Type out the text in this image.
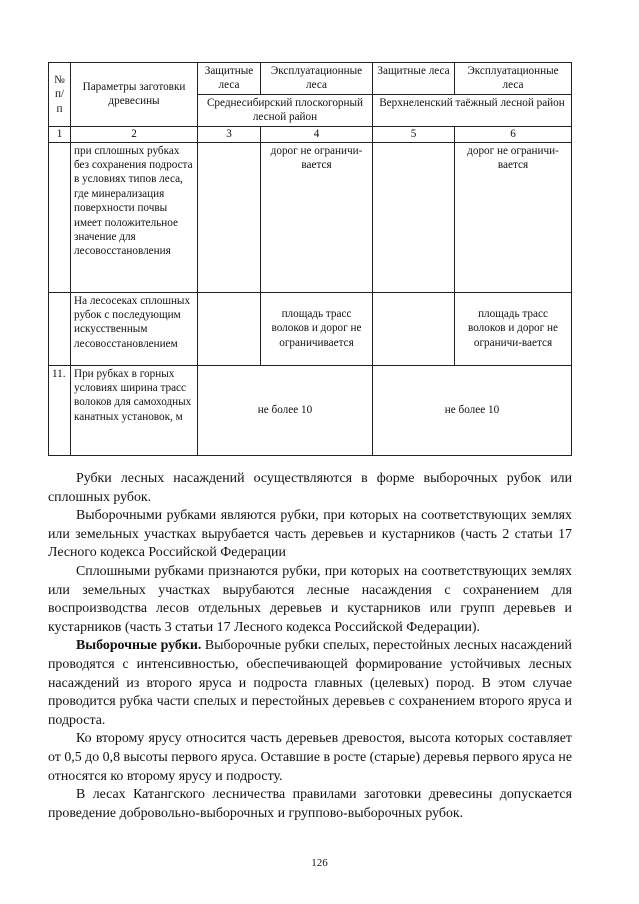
№
п/
п	Параметры заготовки древесины	Защитные леса	Эксплуатационные леса	Защитные леса	Эксплуатационные леса
		Среднесибирский плоскогорный лесной район		Верхнеленский таёжный лесной район	
1	2	3	4	5	6
	при сплошных рубках без сохранения подроста в условиях типов леса, где минерализация поверхности почвы имеет положительное значение для лесовосстановления		дорог не ограничи-вается		дорог не ограничи-вается
	На лесосеках сплошных рубок с последующим искусственным лесовосстановлением		площадь трасс волоков и дорог не ограничивается		площадь трасс волоков и дорог не ограничи-вается
11.	При рубках в горных условиях ширина трасс волоков для самоходных канатных установок, м	не более 10		не более 10	

Рубки лесных насаждений осуществляются в форме выборочных рубок или сплошных рубок.

Выборочными рубками являются рубки, при которых на соответствующих землях или земельных участках вырубается часть деревьев и кустарников (часть 2 статьи 17 Лесного кодекса Российской Федерации

Сплошными рубками признаются рубки, при которых на соответствующих землях или земельных участках вырубаются лесные насаждения с сохранением для воспроизводства лесов отдельных деревьев и кустарников или групп деревьев и кустарников (часть 3 статьи 17 Лесного кодекса Российской Федерации).

Выборочные рубки. Выборочные рубки спелых, перестойных лесных насаждений проводятся с интенсивностью, обеспечивающей формирование устойчивых лесных насаждений из второго яруса и подроста главных (целевых) пород. В этом случае проводится рубка части спелых и перестойных деревьев с сохранением второго яруса и подроста.

Ко второму ярусу относится часть деревьев древостоя, высота которых составляет от 0,5 до 0,8 высоты первого яруса. Оставшие в росте (старые) деревья первого яруса не относятся ко второму ярусу и подросту.

В лесах Катангского лесничества правилами заготовки древесины допускается проведение добровольно-выборочных и группово-выборочных рубок.

126
